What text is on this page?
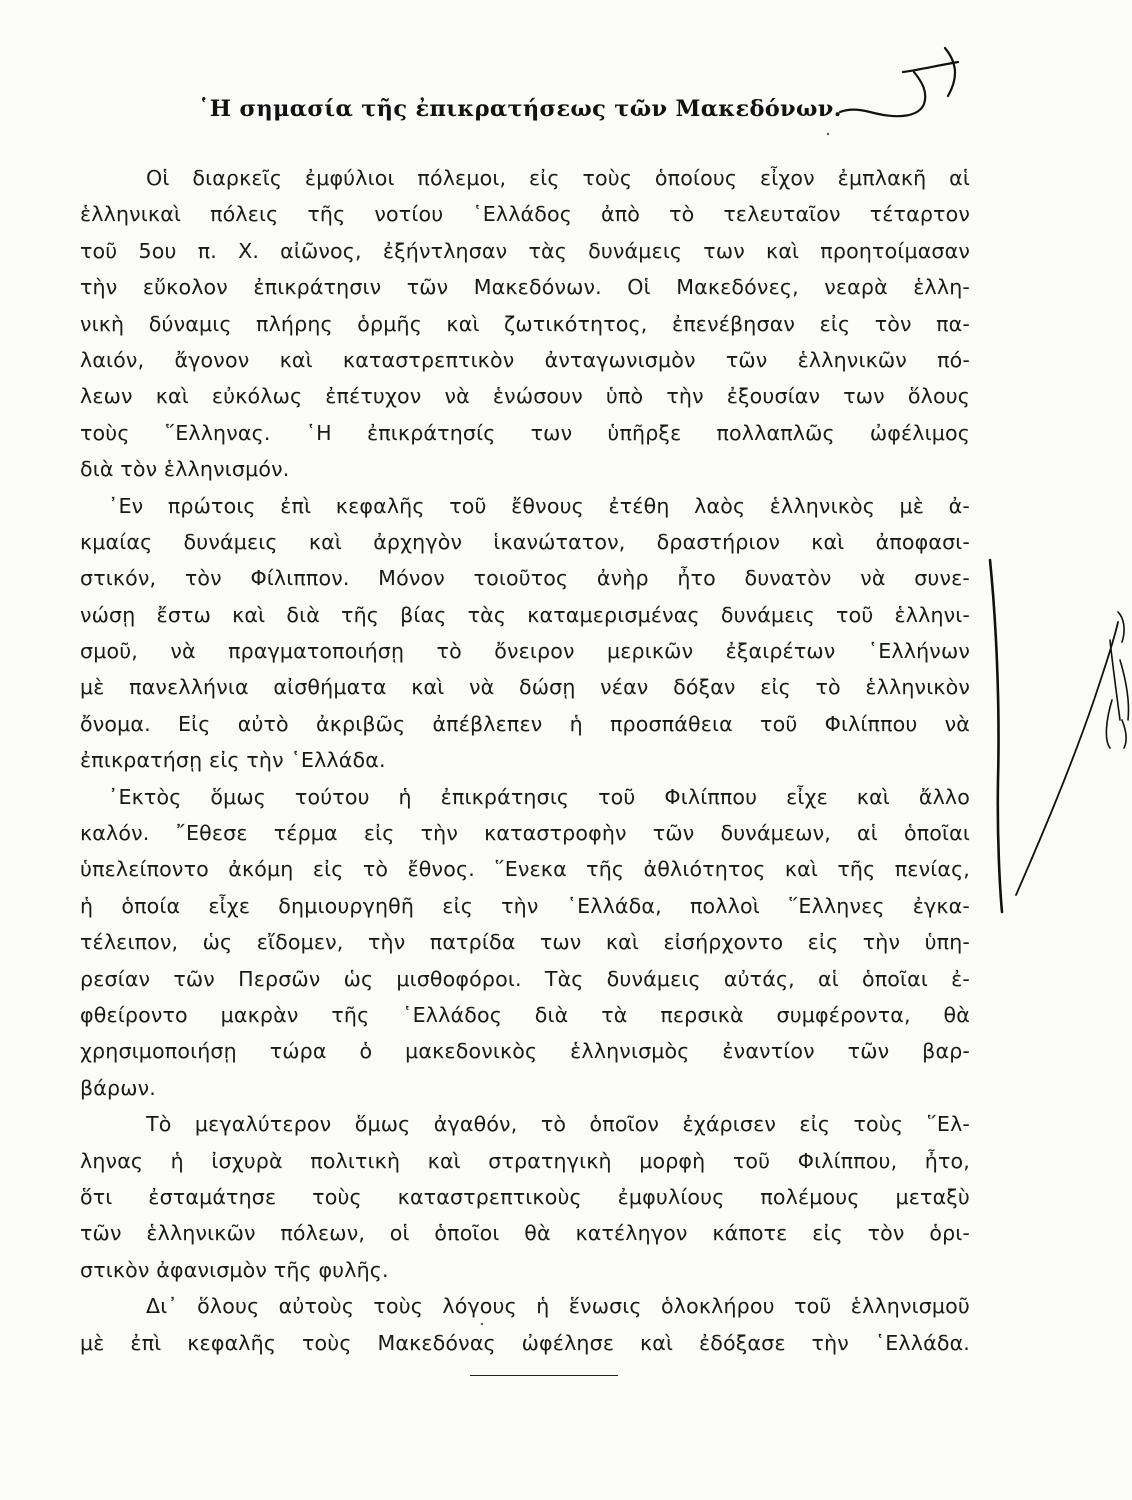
῾Η σημασία τῆς ἐπικρατήσεως τῶν Μακεδόνων.
Οἱ διαρκεῖς ἐμφύλιοι πόλεμοι, εἰς τοὺς ὁποίους εἶχον ἐμπλακῆ αἱ
ἑλληνικαὶ πόλεις τῆς νοτίου ῾Ελλάδος ἀπὸ τὸ τελευταῖον τέταρτον
τοῦ 5ου π. Χ. αἰῶνος, ἐξήντλησαν τὰς δυνάμεις των καὶ προητοίμασαν
τὴν εὔκολον ἐπικράτησιν τῶν Μακεδόνων. Οἱ Μακεδόνες, νεαρὰ ἑλλη-
νικὴ δύναμις πλήρης ὁρμῆς καὶ ζωτικότητος, ἐπενέβησαν εἰς τὸν πα-
λαιόν, ἄγονον καὶ καταστρεπτικὸν ἀνταγωνισμὸν τῶν ἑλληνικῶν πό-
λεων καὶ εὐκόλως ἐπέτυχον νὰ ἑνώσουν ὑπὸ τὴν ἐξουσίαν των ὅλους
τοὺς ῞Ελληνας. ῾Η ἐπικράτησίς των ὑπῆρξε πολλαπλῶς ὠφέλιμος
διὰ τὸν ἑλληνισμόν.
᾿Εν πρώτοις ἐπὶ κεφαλῆς τοῦ ἔθνους ἐτέθη λαὸς ἑλληνικὸς μὲ ἀ-
κμαίας δυνάμεις καὶ ἀρχηγὸν ἱκανώτατον, δραστήριον καὶ ἀποφασι-
στικόν, τὸν Φίλιππον. Μόνον τοιοῦτος ἀνὴρ ἦτο δυνατὸν νὰ συνε-
νώσῃ ἔστω καὶ διὰ τῆς βίας τὰς καταμερισμένας δυνάμεις τοῦ ἑλληνι-
σμοῦ, νὰ πραγματοποιήσῃ τὸ ὄνειρον μερικῶν ἐξαιρέτων ῾Ελλήνων
μὲ πανελλήνια αἰσθήματα καὶ νὰ δώσῃ νέαν δόξαν εἰς τὸ ἑλληνικὸν
ὄνομα. Εἰς αὐτὸ ἀκριβῶς ἀπέβλεπεν ἡ προσπάθεια τοῦ Φιλίππου νὰ
ἐπικρατήσῃ εἰς τὴν ῾Ελλάδα.
᾿Εκτὸς ὅμως τούτου ἡ ἐπικράτησις τοῦ Φιλίππου εἶχε καὶ ἄλλο
καλόν. ῎Εθεσε τέρμα εἰς τὴν καταστροφὴν τῶν δυνάμεων, αἱ ὁποῖαι
ὑπελείποντο ἀκόμη εἰς τὸ ἔθνος. ῞Ενεκα τῆς ἀθλιότητος καὶ τῆς πενίας,
ἡ ὁποία εἶχε δημιουργηθῆ εἰς τὴν ῾Ελλάδα, πολλοὶ ῞Ελληνες ἐγκα-
τέλειπον, ὡς εἴδομεν, τὴν πατρίδα των καὶ εἰσήρχοντο εἰς τὴν ὑπη-
ρεσίαν τῶν Περσῶν ὡς μισθοφόροι. Τὰς δυνάμεις αὐτάς, αἱ ὁποῖαι ἐ-
φθείροντο μακρὰν τῆς ῾Ελλάδος διὰ τὰ περσικὰ συμφέροντα, θὰ
χρησιμοποιήσῃ τώρα ὁ μακεδονικὸς ἑλληνισμὸς ἐναντίον τῶν βαρ-
βάρων.
Τὸ μεγαλύτερον ὅμως ἀγαθόν, τὸ ὁποῖον ἐχάρισεν εἰς τοὺς ῞Ελ-
ληνας ἡ ἰσχυρὰ πολιτικὴ καὶ στρατηγικὴ μορφὴ τοῦ Φιλίππου, ἦτο,
ὅτι ἐσταμάτησε τοὺς καταστρεπτικοὺς ἐμφυλίους πολέμους μεταξὺ
τῶν ἑλληνικῶν πόλεων, οἱ ὁποῖοι θὰ κατέληγον κάποτε εἰς τὸν ὁρι-
στικὸν ἀφανισμὸν τῆς φυλῆς.
Δι᾿ ὅλους αὐτοὺς τοὺς λόγους ἡ ἕνωσις ὁλοκλήρου τοῦ ἑλληνισμοῦ
μὲ ἐπὶ κεφαλῆς τοὺς Μακεδόνας ὠφέλησε καὶ ἐδόξασε τὴν ῾Ελλάδα.
